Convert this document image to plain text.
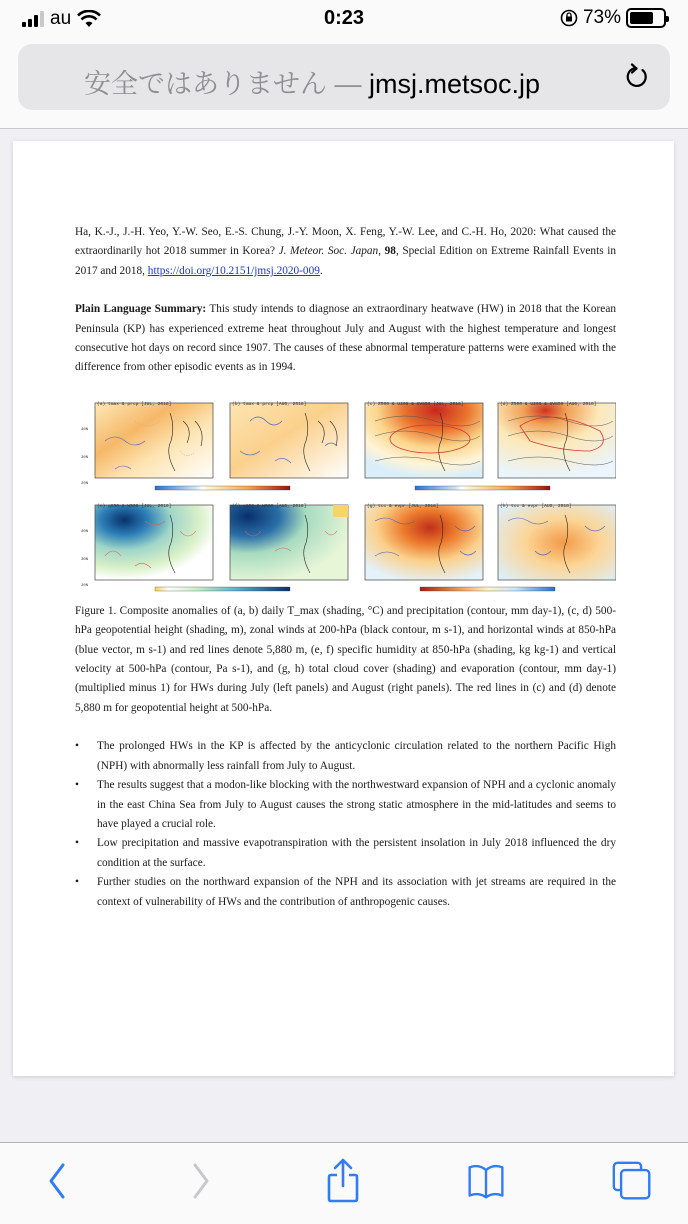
au	0:23	73%
安全ではありません — jmsj.metsoc.jp

Ha, K.-J., J.-H. Yeo, Y.-W. Seo, E.-S. Chung, J.-Y. Moon, X. Feng, Y.-W. Lee, and C.-H. Ho, 2020: What caused the extraordinarily hot 2018 summer in Korea? J. Meteor. Soc. Japan, 98, Special Edition on Extreme Rainfall Events in 2017 and 2018, https://doi.org/10.2151/jmsj.2020-009.

Plain Language Summary: This study intends to diagnose an extraordinary heatwave (HW) in 2018 that the Korean Peninsula (KP) has experienced extreme heat throughout July and August with the highest temperature and longest consecutive hot days on record since 1907. The causes of these abnormal temperature patterns were examined with the difference from other episodic events as in 1994.

(a) tmax & prcp [JUL, 2018]	(b) tmax & prcp [AUG, 2018]	(c) Z500 & U200 & UV850 [JUL, 2018]	(d) Z500 & U200 & UV850 [AUG, 2018]
(e) q850 & W500 [JUL, 2018]	(f) q850 & W500 [AUG, 2018]	(g) tcc & evpr [JUL, 2018]	(h) tcc & evpr [AUG, 2018]
40N
30N
20N
40N
30N
20N

Figure 1. Composite anomalies of (a, b) daily T_max (shading, °C) and precipitation (contour, mm day-1), (c, d) 500-hPa geopotential height (shading, m), zonal winds at 200-hPa (black contour, m s-1), and horizontal winds at 850-hPa (blue vector, m s-1) and red lines denote 5,880 m, (e, f) specific humidity at 850-hPa (shading, kg kg-1) and vertical velocity at 500-hPa (contour, Pa s-1), and (g, h) total cloud cover (shading) and evaporation (contour, mm day-1) (multiplied minus 1) for HWs during July (left panels) and August (right panels). The red lines in (c) and (d) denote 5,880 m for geopotential height at 500-hPa.

• The prolonged HWs in the KP is affected by the anticyclonic circulation related to the northern Pacific High (NPH) with abnormally less rainfall from July to August.
• The results suggest that a modon-like blocking with the northwestward expansion of NPH and a cyclonic anomaly in the east China Sea from July to August causes the strong static atmosphere in the mid-latitudes and seems to have played a crucial role.
• Low precipitation and massive evapotranspiration with the persistent insolation in July 2018 influenced the dry condition at the surface.
• Further studies on the northward expansion of the NPH and its association with jet streams are required in the context of vulnerability of HWs and the contribution of anthropogenic causes.
